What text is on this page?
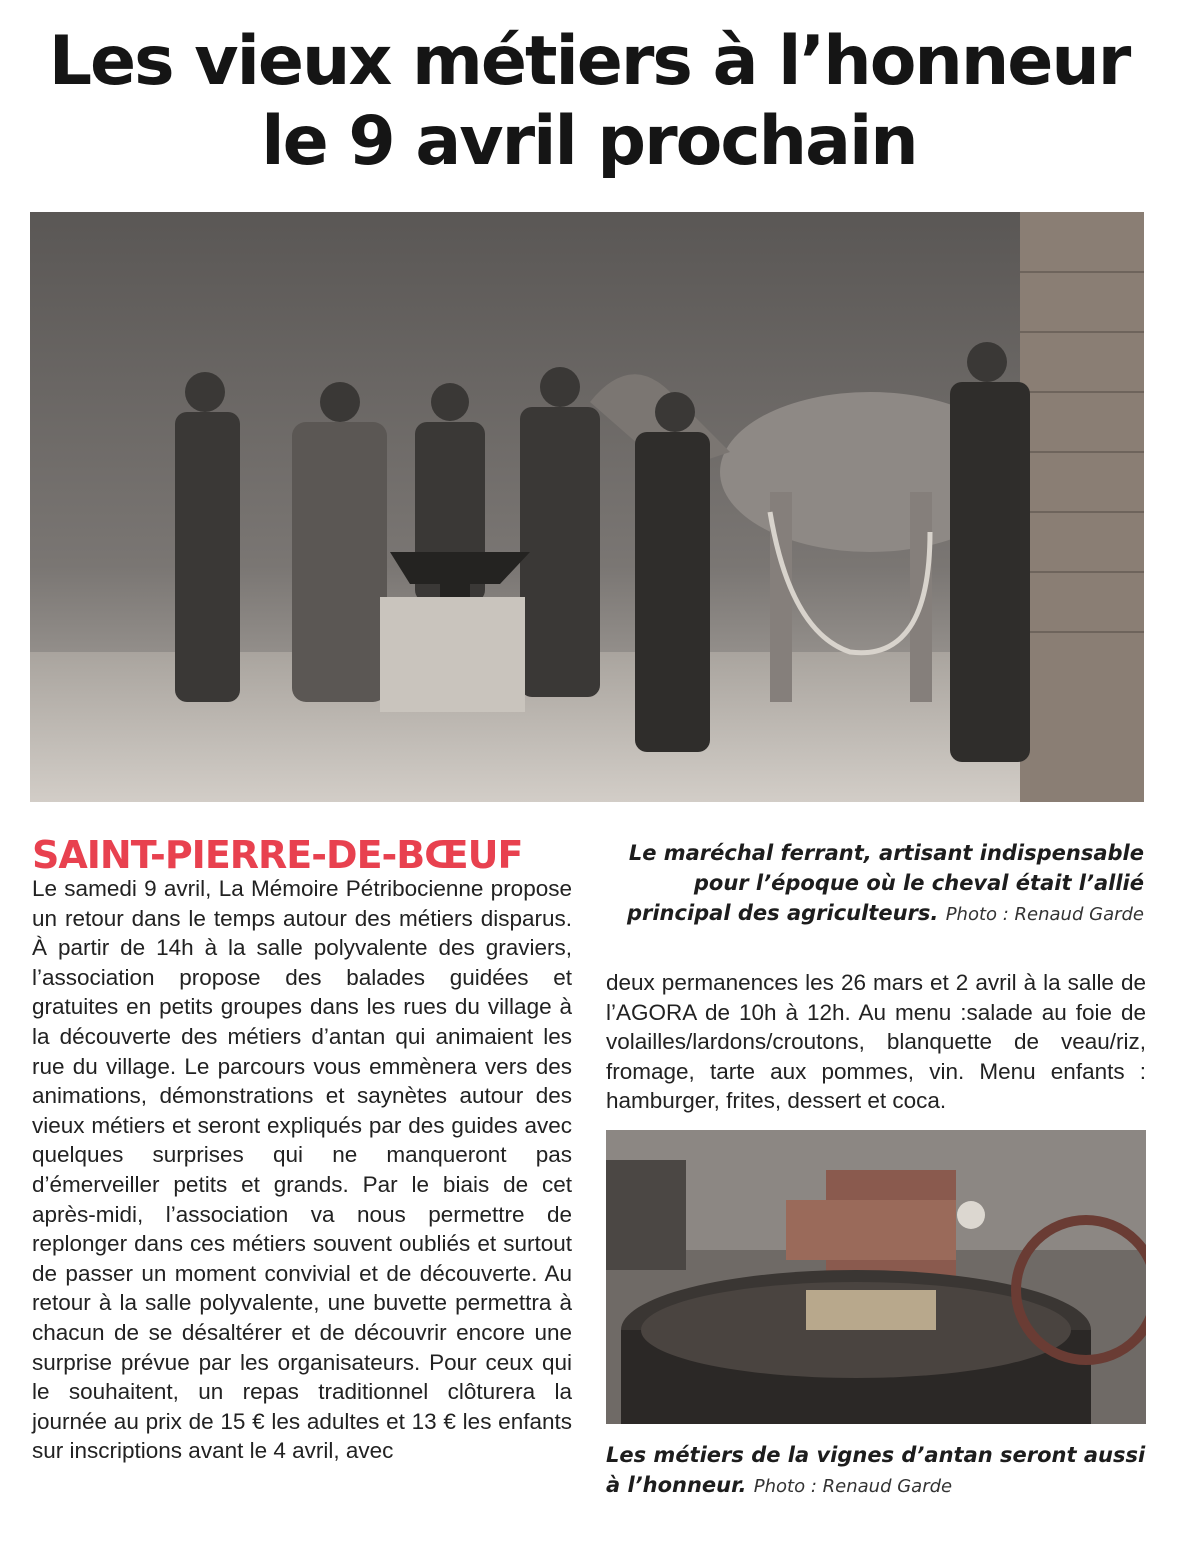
Les vieux métiers à l’honneur
le 9 avril prochain
SAINT-PIERRE-DE-BŒUF	Le maréchal ferrant, artisant indispensable pour l’époque où le cheval était l’allié principal des agriculteurs. Photo : Renaud Garde

Le samedi 9 avril, La Mémoire Pétribocienne propose un retour dans le temps autour des métiers disparus. À partir de 14h à la salle polyvalente des graviers, l’association propose des balades guidées et gratuites en petits groupes dans les rues du village à la découverte des métiers d’antan qui animaient les rue du village. Le parcours vous emmènera vers des animations, démonstrations et saynètes autour des vieux métiers et seront expliqués par des guides avec quelques surprises qui ne manqueront pas d’émerveiller petits et grands. Par le biais de cet après-midi, l’association va nous permettre de replonger dans ces métiers souvent oubliés et surtout de passer un moment convivial et de découverte. Au retour à la salle polyvalente, une buvette permettra à chacun de se désaltérer et de découvrir encore une surprise prévue par les organisateurs. Pour ceux qui le souhaitent, un repas traditionnel clôturera la journée au prix de 15 € les adultes et 13 € les enfants sur inscriptions avant le 4 avril, avec

deux permanences les 26 mars et 2 avril à la salle de l’AGORA de 10h à 12h. Au menu :salade au foie de volailles/lardons/croutons, blanquette de veau/riz, fromage, tarte aux pommes, vin. Menu enfants : hamburger, frites, dessert et coca.

Les métiers de la vignes d’antan seront aussi à l’honneur. Photo : Renaud Garde
